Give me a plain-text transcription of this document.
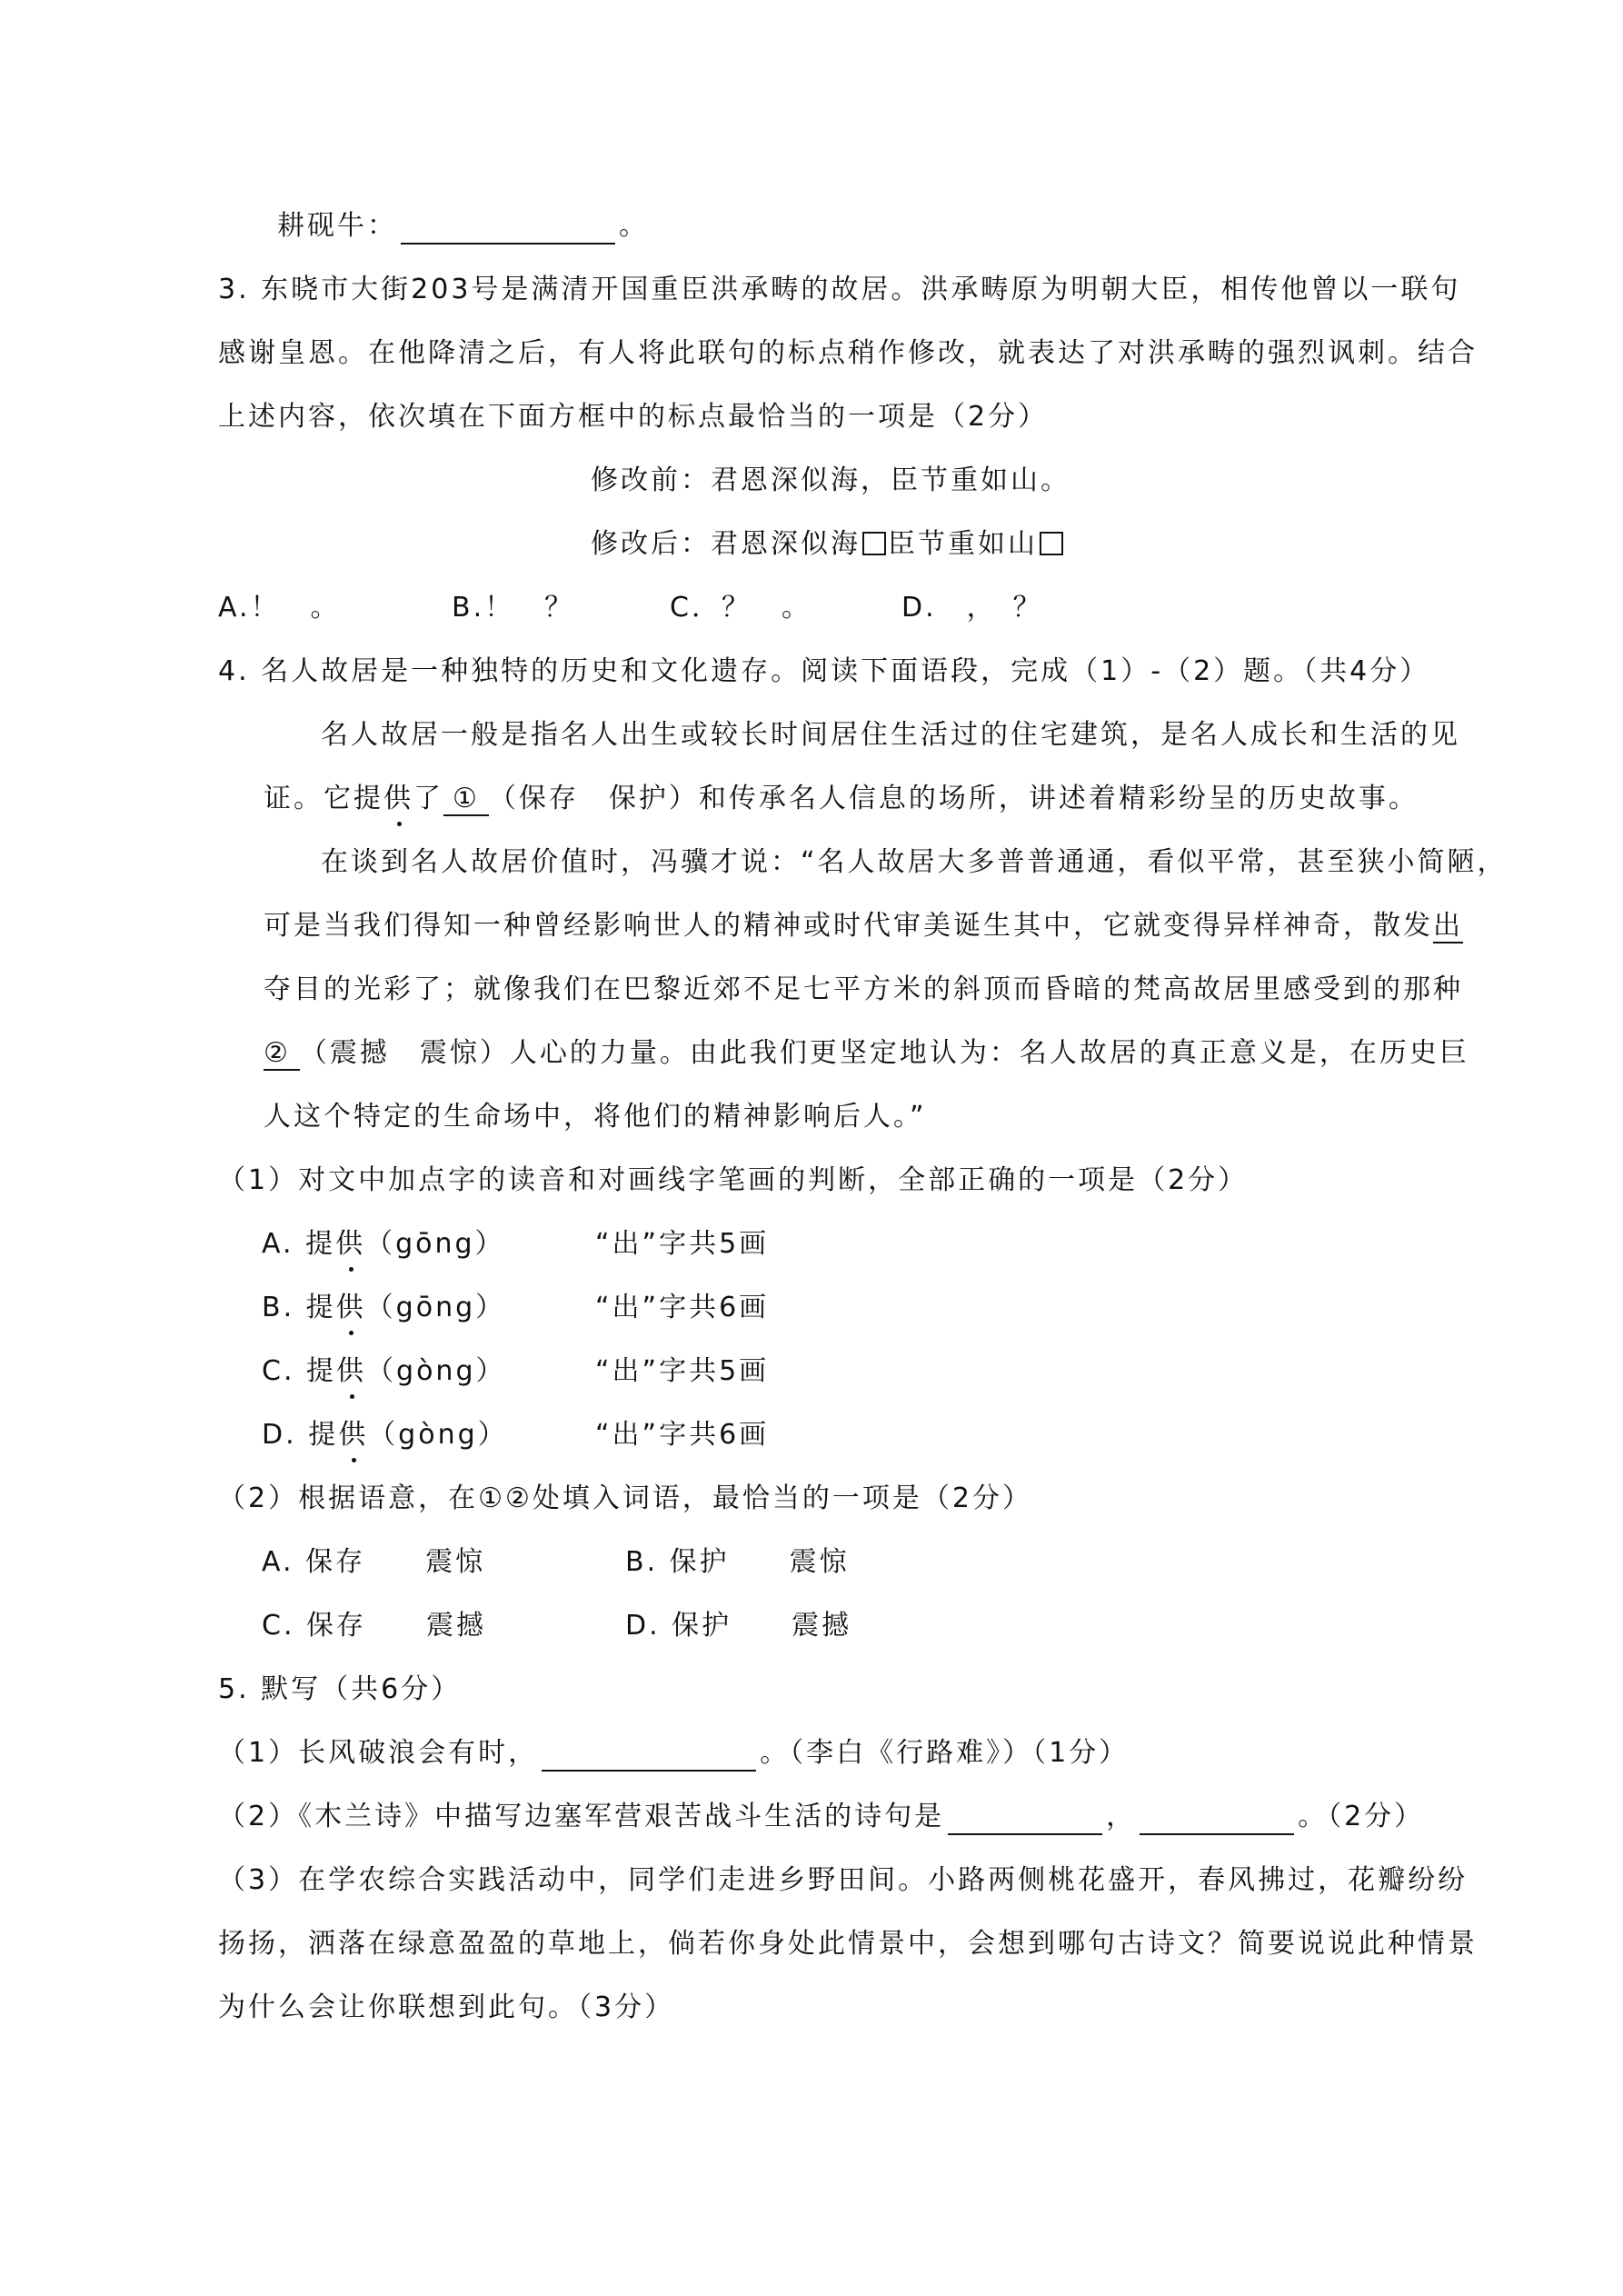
耕砚牛：	。
3. 东晓市大街203号是满清开国重臣洪承畴的故居。洪承畴原为明朝大臣，相传他曾以一联句
感谢皇恩。在他降清之后，有人将此联句的标点稍作修改，就表达了对洪承畴的强烈讽刺。结合
上述内容，依次填在下面方框中的标点最恰当的一项是（2分）
修改前：君恩深似海，臣节重如山。
修改后：君恩深似海 臣节重如山
A.！　。	B.！　？	C．？　。	D.　，　？
4. 名人故居是一种独特的历史和文化遗存。阅读下面语段，完成（1）-（2）题。（共4分）
名人故居一般是指名人出生或较长时间居住生活过的住宅建筑，是名人成长和生活的见
证。它提供了 ① （保存　保护）和传承名人信息的场所，讲述着精彩纷呈的历史故事。
在谈到名人故居价值时，冯骥才说：“名人故居大多普普通通，看似平常，甚至狭小简陋，
可是当我们得知一种曾经影响世人的精神或时代审美诞生其中，它就变得异样神奇，散发出
夺目的光彩了；就像我们在巴黎近郊不足七平方米的斜顶而昏暗的梵高故居里感受到的那种
② （震撼　震惊）人心的力量。由此我们更坚定地认为：名人故居的真正意义是，在历史巨
人这个特定的生命场中，将他们的精神影响后人。”
（1）对文中加点字的读音和对画线字笔画的判断，全部正确的一项是（2分）
A. 提供（gōng）	“出”字共5画
B. 提供（gōng）	“出”字共6画
C. 提供（gòng）	“出”字共5画
D. 提供（gòng）	“出”字共6画
（2）根据语意，在①②处填入词语，最恰当的一项是（2分）
A. 保存　　震惊	B. 保护　　震惊
C. 保存　　震撼	D. 保护　　震撼
5. 默写（共6分）
（1）长风破浪会有时，	。（李白《行路难》）（1分）
（2）《木兰诗》中描写边塞军营艰苦战斗生活的诗句是	，	。（2分）
（3）在学农综合实践活动中，同学们走进乡野田间。小路两侧桃花盛开，春风拂过，花瓣纷纷
扬扬，洒落在绿意盈盈的草地上，倘若你身处此情景中，会想到哪句古诗文？简要说说此种情景
为什么会让你联想到此句。（3分）
